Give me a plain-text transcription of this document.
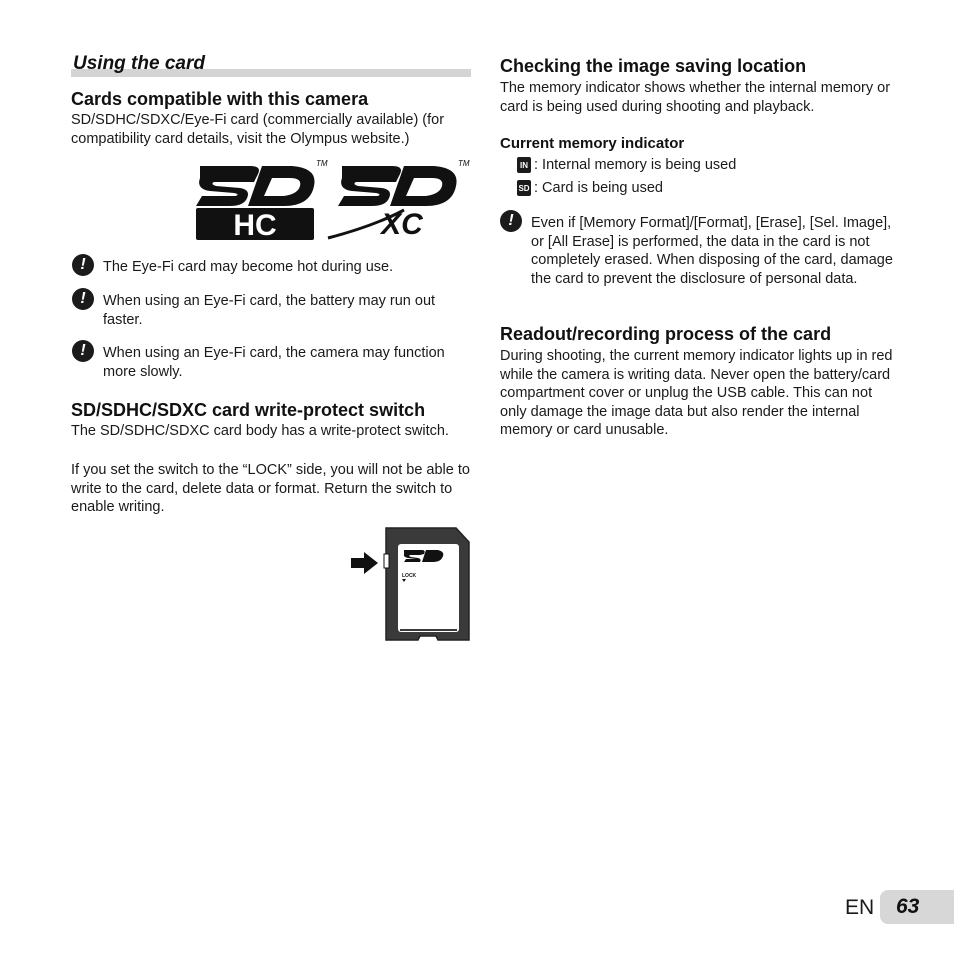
Using the card
Cards compatible with this camera

SD/SDHC/SDXC/Eye-Fi card (commercially available) (for compatibility card details, visit the Olympus website.)

HC
TM
XC
TM
!	The Eye-Fi card may become hot during use.
!	When using an Eye-Fi card, the battery may run out faster.
!	When using an Eye-Fi card, the camera may function more slowly.
SD/SDHC/SDXC card write-protect switch

The SD/SDHC/SDXC card body has a write-protect switch.

If you set the switch to the “LOCK” side, you will not be able to write to the card, delete data or format. Return the switch to enable writing.

LOCK
Checking the image saving location

The memory indicator shows whether the internal memory or card is being used during shooting and playback.

Current memory indicator
IN : Internal memory is being used
SD : Card is being used
!	Even if [Memory Format]/[Format], [Erase], [Sel. Image], or [All Erase] is performed, the data in the card is not completely erased. When disposing of the card, damage the card to prevent the disclosure of personal data.
Readout/recording process of the card

During shooting, the current memory indicator lights up in red while the camera is writing data. Never open the battery/card compartment cover or unplug the USB cable. This can not only damage the image data but also render the internal memory or card unusable.

EN 63
